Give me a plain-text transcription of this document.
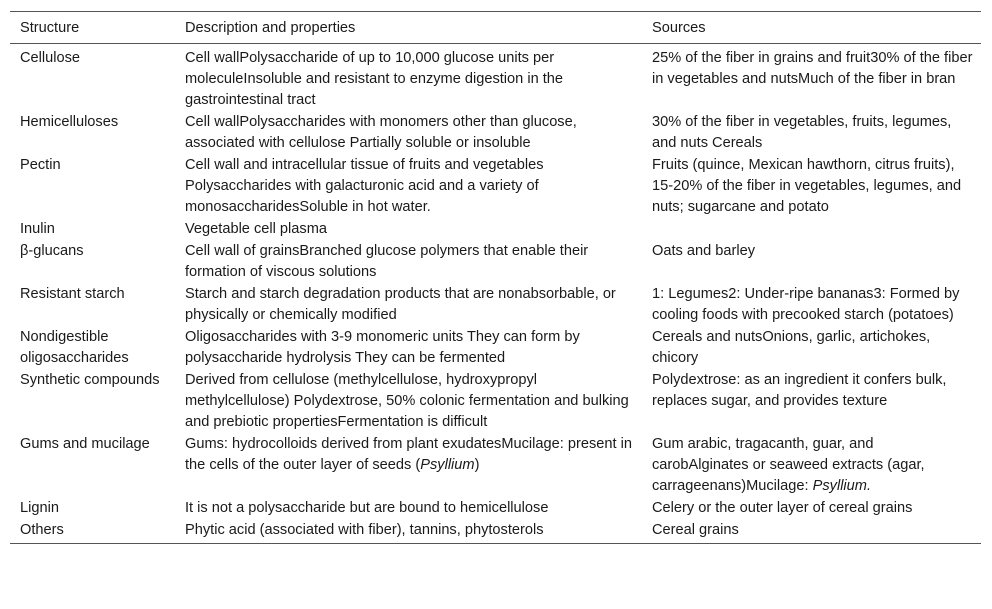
Structure	Description and properties	Sources
Cellulose	Cell wallPolysaccharide of up to 10,000 glucose units per moleculeInsoluble and resistant to enzyme digestion in the gastrointestinal tract	25% of the fiber in grains and fruit30% of the fiber in vegetables and nutsMuch of the fiber in bran
Hemicelluloses	Cell wallPolysaccharides with monomers other than glucose, associated with cellulose Partially soluble or insoluble	30% of the fiber in vegetables, fruits, legumes, and nuts Cereals
Pectin	Cell wall and intracellular tissue of fruits and vegetables Polysaccharides with galacturonic acid and a variety of monosaccharidesSoluble in hot water.	Fruits (quince, Mexican hawthorn, citrus fruits), 15-20% of the fiber in vegetables, legumes, and nuts; sugarcane and potato
Inulin	Vegetable cell plasma	
β-glucans	Cell wall of grainsBranched glucose polymers that enable their formation of viscous solutions	Oats and barley
Resistant starch	Starch and starch degradation products that are nonabsorbable, or physically or chemically modified	1: Legumes2: Under-ripe bananas3: Formed by cooling foods with precooked starch (potatoes)
Nondigestible oligosaccharides	Oligosaccharides with 3-9 monomeric units They can form by polysaccharide hydrolysis They can be fermented	Cereals and nutsOnions, garlic, artichokes, chicory
Synthetic compounds	Derived from cellulose (methylcellulose, hydroxypropyl methylcellulose) Polydextrose, 50% colonic fermentation and bulking and prebiotic propertiesFermentation is difficult	Polydextrose: as an ingredient it confers bulk, replaces sugar, and provides texture
Gums and mucilage	Gums: hydrocolloids derived from plant exudatesMucilage: present in the cells of the outer layer of seeds (Psyllium)	Gum arabic, tragacanth, guar, and carobAlginates or seaweed extracts (agar, carrageenans)Mucilage: Psyllium.
Lignin	It is not a polysaccharide but are bound to hemicellulose	Celery or the outer layer of cereal grains
Others	Phytic acid (associated with fiber), tannins, phytosterols	Cereal grains
